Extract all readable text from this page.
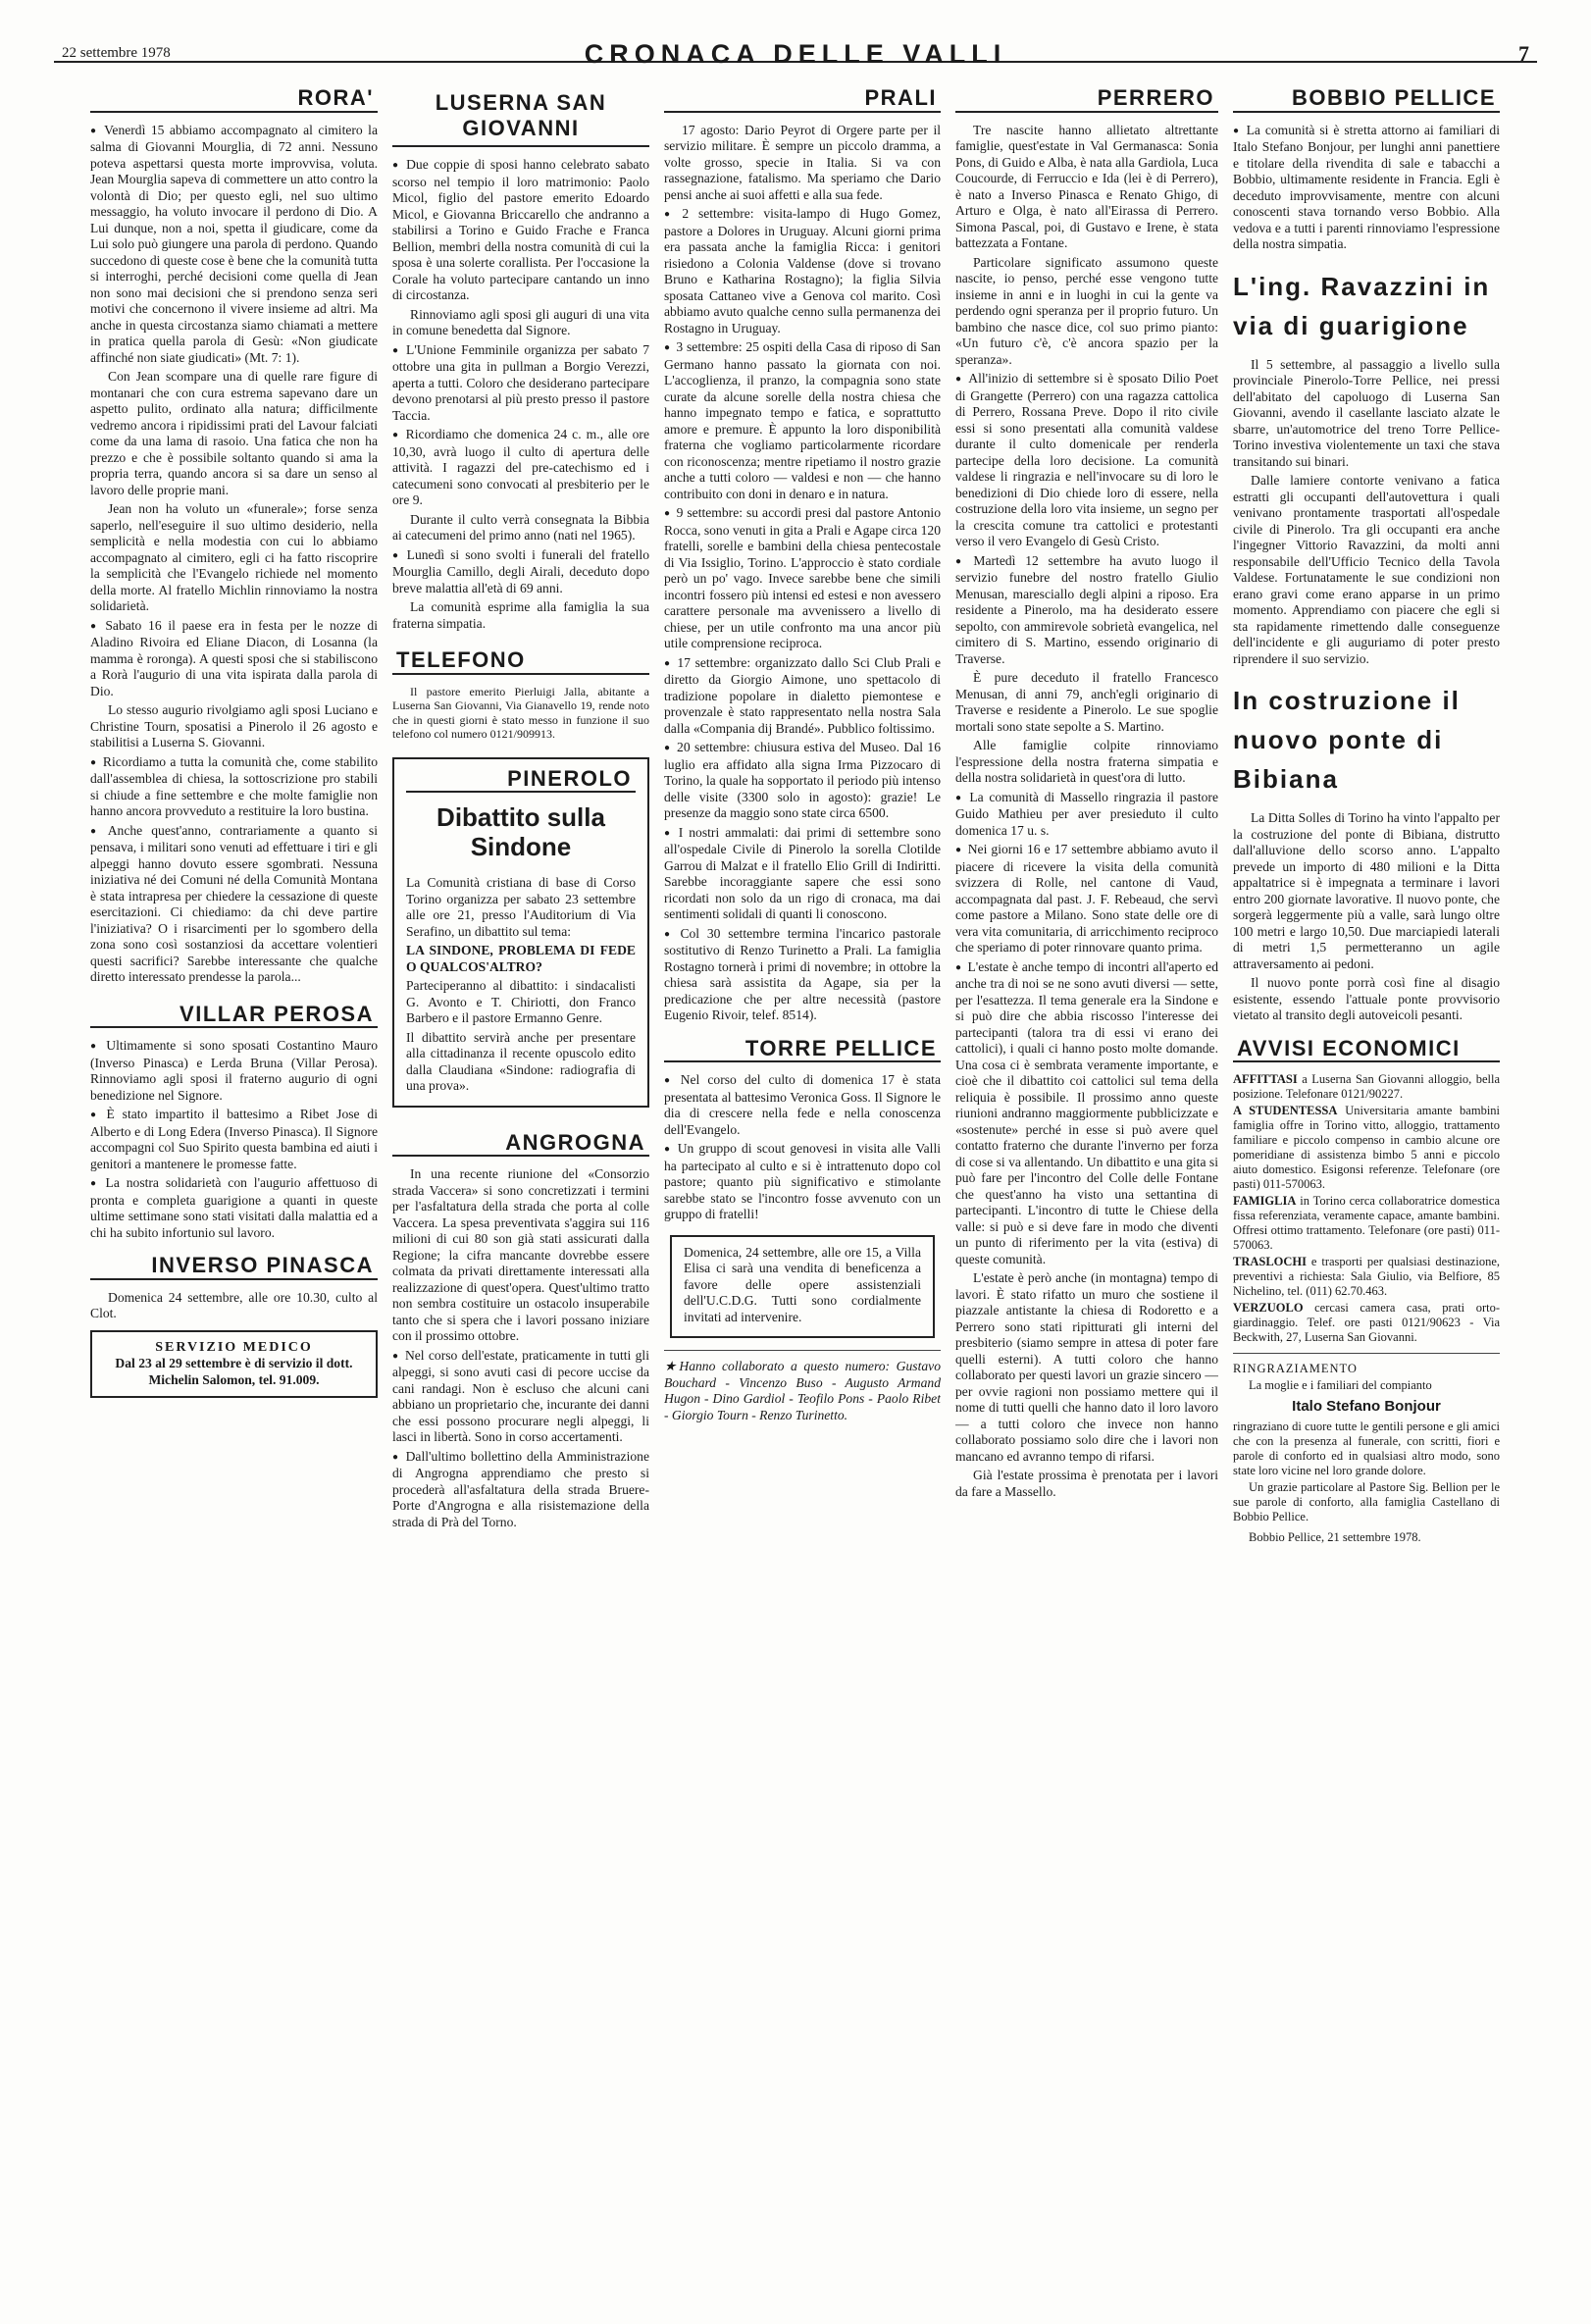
22 settembre 1978	CRONACA DELLE VALLI	7
RORA'

● Venerdì 15 abbiamo accompagnato al cimitero la salma di Giovanni Mourglia, di 72 anni. Nessuno poteva aspettarsi questa morte improvvisa, voluta. Jean Mourglia sapeva di commettere un atto contro la volontà di Dio; per questo egli, nel suo ultimo messaggio, ha voluto invocare il perdono di Dio. A Lui dunque, non a noi, spetta il giudicare, come da Lui solo può giungere una parola di perdono. Quando succedono di queste cose è bene che la comunità tutta si interroghi, perché decisioni come quella di Jean non sono mai decisioni che si prendono senza seri motivi che concernono il vivere insieme ad altri. Ma anche in questa circostanza siamo chiamati a mettere in pratica quella parola di Gesù: «Non giudicate affinché non siate giudicati» (Mt. 7: 1).

Con Jean scompare una di quelle rare figure di montanari che con cura estrema sapevano dare un aspetto pulito, ordinato alla natura; difficilmente vedremo ancora i ripidissimi prati del Lavour falciati come da una lama di rasoio. Una fatica che non ha prezzo e che è possibile soltanto quando si ama la propria terra, quando ancora si sa dare un senso al lavoro delle proprie mani.

Jean non ha voluto un «funerale»; forse senza saperlo, nell'eseguire il suo ultimo desiderio, nella semplicità e nella modestia con cui lo abbiamo accompagnato al cimitero, egli ci ha fatto riscoprire la semplicità che l'Evangelo richiede nel momento della morte. Al fratello Michlin rinnoviamo la nostra solidarietà.

● Sabato 16 il paese era in festa per le nozze di Aladino Rivoira ed Eliane Diacon, di Losanna (la mamma è roronga). A questi sposi che si stabiliscono a Rorà l'augurio di una vita ispirata dalla parola di Dio.

Lo stesso augurio rivolgiamo agli sposi Luciano e Christine Tourn, sposatisi a Pinerolo il 26 agosto e stabilitisi a Luserna S. Giovanni.

● Ricordiamo a tutta la comunità che, come stabilito dall'assemblea di chiesa, la sottoscrizione pro stabili si chiude a fine settembre e che molte famiglie non hanno ancora provveduto a restituire la loro bustina.

● Anche quest'anno, contrariamente a quanto si pensava, i militari sono venuti ad effettuare i tiri e gli alpeggi hanno dovuto essere sgombrati. Nessuna iniziativa né dei Comuni né della Comunità Montana è stata intrapresa per chiedere la cessazione di queste esercitazioni. Ci chiediamo: da chi deve partire l'iniziativa? O i risarcimenti per lo sgombero della zona sono così sostanziosi da accettare volentieri questi sacrifici? Sarebbe interessante che qualche diretto interessato prendesse la parola...

VILLAR PEROSA

● Ultimamente si sono sposati Costantino Mauro (Inverso Pinasca) e Lerda Bruna (Villar Perosa). Rinnoviamo agli sposi il fraterno augurio di ogni benedizione nel Signore.

● È stato impartito il battesimo a Ribet Jose di Alberto e di Long Edera (Inverso Pinasca). Il Signore accompagni col Suo Spirito questa bambina ed aiuti i genitori a mantenere le promesse fatte.

● La nostra solidarietà con l'augurio affettuoso di pronta e completa guarigione a quanti in queste ultime settimane sono stati visitati dalla malattia ed a chi ha subito infortunio sul lavoro.

INVERSO PINASCA

Domenica 24 settembre, alle ore 10.30, culto al Clot.

SERVIZIO MEDICO
Dal 23 al 29 settembre è di servizio il dott. Michelin Salomon, tel. 91.009.
LUSERNA SAN GIOVANNI

● Due coppie di sposi hanno celebrato sabato scorso nel tempio il loro matrimonio: Paolo Micol, figlio del pastore emerito Edoardo Micol, e Giovanna Briccarello che andranno a stabilirsi a Torino e Guido Frache e Franca Bellion, membri della nostra comunità di cui la sposa è una solerte corallista. Per l'occasione la Corale ha voluto partecipare cantando un inno di circostanza.

Rinnoviamo agli sposi gli auguri di una vita in comune benedetta dal Signore.

● L'Unione Femminile organizza per sabato 7 ottobre una gita in pullman a Borgio Verezzi, aperta a tutti. Coloro che desiderano partecipare devono prenotarsi al più presto presso il pastore Taccia.

● Ricordiamo che domenica 24 c. m., alle ore 10,30, avrà luogo il culto di apertura delle attività. I ragazzi del pre-catechismo ed i catecumeni sono convocati al presbiterio per le ore 9.

Durante il culto verrà consegnata la Bibbia ai catecumeni del primo anno (nati nel 1965).

● Lunedì si sono svolti i funerali del fratello Mourglia Camillo, degli Airali, deceduto dopo breve malattia all'età di 69 anni.

La comunità esprime alla famiglia la sua fraterna simpatia.

TELEFONO

Il pastore emerito Pierluigi Jalla, abitante a Luserna San Giovanni, Via Gianavello 19, rende noto che in questi giorni è stato messo in funzione il suo telefono col numero 0121/909913.

PINEROLO
Dibattito sulla Sindone

La Comunità cristiana di base di Corso Torino organizza per sabato 23 settembre alle ore 21, presso l'Auditorium di Via Serafino, un dibattito sul tema:

LA SINDONE, PROBLEMA DI FEDE O QUALCOS'ALTRO?

Parteciperanno al dibattito: i sindacalisti G. Avonto e T. Chiriotti, don Franco Barbero e il pastore Ermanno Genre.

Il dibattito servirà anche per presentare alla cittadinanza il recente opuscolo edito dalla Claudiana «Sindone: radiografia di una prova».

ANGROGNA

In una recente riunione del «Consorzio strada Vaccera» si sono concretizzati i termini per l'asfaltatura della strada che porta al colle Vaccera. La spesa preventivata s'aggira sui 116 milioni di cui 80 son già stati assicurati dalla Regione; la cifra mancante dovrebbe essere colmata da privati direttamente interessati alla realizzazione di quest'opera. Quest'ultimo tratto non sembra costituire un ostacolo insuperabile tanto che si spera che i lavori possano iniziare con il prossimo ottobre.

● Nel corso dell'estate, praticamente in tutti gli alpeggi, si sono avuti casi di pecore uccise da cani randagi. Non è escluso che alcuni cani abbiano un proprietario che, incurante dei danni che essi possono procurare negli alpeggi, li lasci in libertà. Sono in corso accertamenti.

● Dall'ultimo bollettino della Amministrazione di Angrogna apprendiamo che presto si procederà all'asfaltatura della strada Bruere-Porte d'Angrogna e alla risistemazione della strada di Prà del Torno.

PRALI

17 agosto: Dario Peyrot di Orgere parte per il servizio militare. È sempre un piccolo dramma, a volte grosso, specie in Italia. Si va con rassegnazione, fatalismo. Ma speriamo che Dario pensi anche ai suoi affetti e alla sua fede.

● 2 settembre: visita-lampo di Hugo Gomez, pastore a Dolores in Uruguay. Alcuni giorni prima era passata anche la famiglia Ricca: i genitori risiedono a Colonia Valdense (dove si trovano Bruno e Katharina Rostagno); la figlia Silvia sposata Cattaneo vive a Genova col marito. Così abbiamo avuto qualche cenno sulla permanenza dei Rostagno in Uruguay.

● 3 settembre: 25 ospiti della Casa di riposo di San Germano hanno passato la giornata con noi. L'accoglienza, il pranzo, la compagnia sono state curate da alcune sorelle della nostra chiesa che hanno impegnato tempo e fatica, e soprattutto amore e premure. È appunto la loro disponibilità fraterna che vogliamo particolarmente ricordare con riconoscenza; mentre ripetiamo il nostro grazie anche a tutti coloro — valdesi e non — che hanno contribuito con doni in denaro e in natura.

● 9 settembre: su accordi presi dal pastore Antonio Rocca, sono venuti in gita a Prali e Agape circa 120 fratelli, sorelle e bambini della chiesa pentecostale di Via Issiglio, Torino. L'approccio è stato cordiale però un po' vago. Invece sarebbe bene che simili incontri fossero più intensi ed estesi e non avessero carattere personale ma avvenissero a livello di chiese, per un utile confronto ma una ancor più utile comprensione reciproca.

● 17 settembre: organizzato dallo Sci Club Prali e diretto da Giorgio Aimone, uno spettacolo di tradizione popolare in dialetto piemontese e provenzale è stato rappresentato nella nostra Sala dalla «Compania dij Brandé». Pubblico foltissimo.

● 20 settembre: chiusura estiva del Museo. Dal 16 luglio era affidato alla signa Irma Pizzocaro di Torino, la quale ha sopportato il periodo più intenso delle visite (3300 solo in agosto): grazie! Le presenze da maggio sono state circa 6500.

● I nostri ammalati: dai primi di settembre sono all'ospedale Civile di Pinerolo la sorella Clotilde Garrou di Malzat e il fratello Elio Grill di Indiritti. Sarebbe incoraggiante sapere che essi sono ricordati non solo da un rigo di cronaca, ma dai sentimenti solidali di quanti li conoscono.

● Col 30 settembre termina l'incarico pastorale sostitutivo di Renzo Turinetto a Prali. La famiglia Rostagno tornerà i primi di novembre; in ottobre la chiesa sarà assistita da Agape, sia per la predicazione che per altre necessità (pastore Eugenio Rivoir, telef. 8514).

TORRE PELLICE

● Nel corso del culto di domenica 17 è stata presentata al battesimo Veronica Goss. Il Signore le dia di crescere nella fede e nella conoscenza dell'Evangelo.

● Un gruppo di scout genovesi in visita alle Valli ha partecipato al culto e si è intrattenuto dopo col pastore; quanto più significativo e stimolante sarebbe stato se l'incontro fosse avvenuto con un gruppo di fratelli!

Domenica, 24 settembre, alle ore 15, a Villa Elisa ci sarà una vendita di beneficenza a favore delle opere assistenziali dell'U.C.D.G. Tutti sono cordialmente invitati ad intervenire.

★ Hanno collaborato a questo numero: Gustavo Bouchard - Vincenzo Buso - Augusto Armand Hugon - Dino Gardiol - Teofilo Pons - Paolo Ribet - Giorgio Tourn - Renzo Turinetto.

PERRERO

Tre nascite hanno allietato altrettante famiglie, quest'estate in Val Germanasca: Sonia Pons, di Guido e Alba, è nata alla Gardiola, Luca Coucourde, di Ferruccio e Ida (lei è di Perrero), è nato a Inverso Pinasca e Renato Ghigo, di Arturo e Olga, è nato all'Eirassa di Perrero. Simona Pascal, poi, di Gustavo e Irene, è stata battezzata a Fontane.

Particolare significato assumono queste nascite, io penso, perché esse vengono tutte insieme in anni e in luoghi in cui la gente va perdendo ogni speranza per il proprio futuro. Un bambino che nasce dice, col suo primo pianto: «Un futuro c'è, c'è ancora spazio per la speranza».

● All'inizio di settembre si è sposato Dilio Poet di Grangette (Perrero) con una ragazza cattolica di Perrero, Rossana Preve. Dopo il rito civile essi si sono presentati alla comunità valdese durante il culto domenicale per renderla partecipe della loro decisione. La comunità valdese li ringrazia e nell'invocare su di loro le benedizioni di Dio chiede loro di essere, nella costruzione della loro vita insieme, un segno per la crescita comune tra cattolici e protestanti verso il vero Evangelo di Gesù Cristo.

● Martedì 12 settembre ha avuto luogo il servizio funebre del nostro fratello Giulio Menusan, maresciallo degli alpini a riposo. Era residente a Pinerolo, ma ha desiderato essere sepolto, con ammirevole sobrietà evangelica, nel cimitero di S. Martino, essendo originario di Traverse.

È pure deceduto il fratello Francesco Menusan, di anni 79, anch'egli originario di Traverse e residente a Pinerolo. Le sue spoglie mortali sono state sepolte a S. Martino.

Alle famiglie colpite rinnoviamo l'espressione della nostra fraterna simpatia e della nostra solidarietà in quest'ora di lutto.

● La comunità di Massello ringrazia il pastore Guido Mathieu per aver presieduto il culto domenica 17 u. s.

● Nei giorni 16 e 17 settembre abbiamo avuto il piacere di ricevere la visita della comunità svizzera di Rolle, nel cantone di Vaud, accompagnata dal past. J. F. Rebeaud, che servì come pastore a Milano. Sono state delle ore di vera vita comunitaria, di arricchimento reciproco che speriamo di poter rinnovare quanto prima.

● L'estate è anche tempo di incontri all'aperto ed anche tra di noi se ne sono avuti diversi — sette, per l'esattezza. Il tema generale era la Sindone e si può dire che abbia riscosso l'interesse dei partecipanti (talora tra di essi vi erano dei cattolici), i quali ci hanno posto molte domande. Una cosa ci è sembrata veramente importante, e cioè che il dibattito coi cattolici sul tema della reliquia è possibile. Il prossimo anno queste riunioni andranno maggiormente pubblicizzate e «sostenute» perché in esse si può avere quel contatto fraterno che durante l'inverno per forza di cose si va allentando. Un dibattito e una gita si può fare per l'incontro del Colle delle Fontane che quest'anno ha visto una settantina di partecipanti. L'incontro di tutte le Chiese della valle: si può e si deve fare in modo che diventi un punto di riferimento per la vita (estiva) di queste comunità.

L'estate è però anche (in montagna) tempo di lavori. È stato rifatto un muro che sostiene il piazzale antistante la chiesa di Rodoretto e a Perrero sono stati ripitturati gli interni del presbiterio (siamo sempre in attesa di poter fare quelli esterni). A tutti coloro che hanno collaborato per questi lavori un grazie sincero — per ovvie ragioni non possiamo mettere qui il nome di tutti quelli che hanno dato il loro lavoro — a tutti coloro che invece non hanno collaborato possiamo solo dire che i lavori non mancano ed avranno tempo di rifarsi.

Già l'estate prossima è prenotata per i lavori da fare a Massello.

BOBBIO PELLICE

● La comunità si è stretta attorno ai familiari di Italo Stefano Bonjour, per lunghi anni panettiere e titolare della rivendita di sale e tabacchi a Bobbio, ultimamente residente in Francia. Egli è deceduto improvvisamente, mentre con alcuni conoscenti stava tornando verso Bobbio. Alla vedova e a tutti i parenti rinnoviamo l'espressione della nostra simpatia.

L'ing. Ravazzini in via di guarigione

Il 5 settembre, al passaggio a livello sulla provinciale Pinerolo-Torre Pellice, nei pressi dell'abitato del capoluogo di Luserna San Giovanni, avendo il casellante lasciato alzate le sbarre, un'automotrice del treno Torre Pellice-Torino investiva violentemente un taxi che stava transitando sui binari.

Dalle lamiere contorte venivano a fatica estratti gli occupanti dell'autovettura i quali venivano prontamente trasportati all'ospedale civile di Pinerolo. Tra gli occupanti era anche l'ingegner Vittorio Ravazzini, da molti anni responsabile dell'Ufficio Tecnico della Tavola Valdese. Fortunatamente le sue condizioni non erano gravi come erano apparse in un primo momento. Apprendiamo con piacere che egli si sta rapidamente rimettendo dalle conseguenze dell'incidente e gli auguriamo di poter presto riprendere il suo servizio.

In costruzione il nuovo ponte di Bibiana

La Ditta Solles di Torino ha vinto l'appalto per la costruzione del ponte di Bibiana, distrutto dall'alluvione dello scorso anno. L'appalto prevede un importo di 480 milioni e la Ditta appaltatrice si è impegnata a terminare i lavori entro 200 giornate lavorative. Il nuovo ponte, che sorgerà leggermente più a valle, sarà lungo oltre 100 metri e largo 10,50. Due marciapiedi laterali di metri 1,5 permetteranno un agile attraversamento ai pedoni.

Il nuovo ponte porrà così fine al disagio esistente, essendo l'attuale ponte provvisorio vietato al transito degli autoveicoli pesanti.

AVVISI ECONOMICI

AFFITTASI a Luserna San Giovanni alloggio, bella posizione. Telefonare 0121/90227.

A STUDENTESSA Universitaria amante bambini famiglia offre in Torino vitto, alloggio, trattamento familiare e piccolo compenso in cambio alcune ore pomeridiane di assistenza bimbo 5 anni e piccolo aiuto domestico. Esigonsi referenze. Telefonare (ore pasti) 011-570063.

FAMIGLIA in Torino cerca collaboratrice domestica fissa referenziata, veramente capace, amante bambini. Offresi ottimo trattamento. Telefonare (ore pasti) 011-570063.

TRASLOCHI e trasporti per qualsiasi destinazione, preventivi a richiesta: Sala Giulio, via Belfiore, 85 Nichelino, tel. (011) 62.70.463.

VERZUOLO cercasi camera casa, prati orto-giardinaggio. Telef. ore pasti 0121/90623 - Via Beckwith, 27, Luserna San Giovanni.

RINGRAZIAMENTO

La moglie e i familiari del compianto

Italo Stefano Bonjour

ringraziano di cuore tutte le gentili persone e gli amici che con la presenza al funerale, con scritti, fiori e parole di conforto ed in qualsiasi altro modo, sono state loro vicine nel loro grande dolore.

Un grazie particolare al Pastore Sig. Bellion per le sue parole di conforto, alla famiglia Castellano di Bobbio Pellice.

Bobbio Pellice, 21 settembre 1978.
